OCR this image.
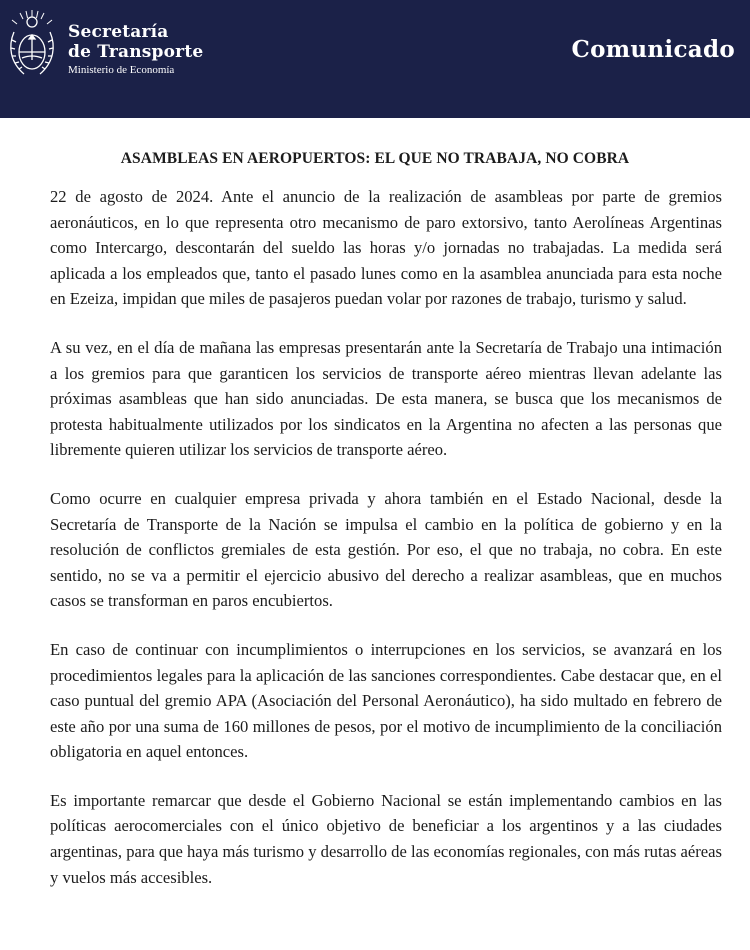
Secretaría
de Transporte
Ministerio de Economía
Comunicado
ASAMBLEAS EN AEROPUERTOS: EL QUE NO TRABAJA, NO COBRA

22 de agosto de 2024. Ante el anuncio de la realización de asambleas por parte de gremios aeronáuticos, en lo que representa otro mecanismo de paro extorsivo, tanto Aerolíneas Argentinas como Intercargo, descontarán del sueldo las horas y/o jornadas no trabajadas. La medida será aplicada a los empleados que, tanto el pasado lunes como en la asamblea anunciada para esta noche en Ezeiza, impidan que miles de pasajeros puedan volar por razones de trabajo, turismo y salud.

A su vez, en el día de mañana las empresas presentarán ante la Secretaría de Trabajo una intimación a los gremios para que garanticen los servicios de transporte aéreo mientras llevan adelante las próximas asambleas que han sido anunciadas. De esta manera, se busca que los mecanismos de protesta habitualmente utilizados por los sindicatos en la Argentina no afecten a las personas que libremente quieren utilizar los servicios de transporte aéreo.

Como ocurre en cualquier empresa privada y ahora también en el Estado Nacional, desde la Secretaría de Transporte de la Nación se impulsa el cambio en la política de gobierno y en la resolución de conflictos gremiales de esta gestión. Por eso, el que no trabaja, no cobra. En este sentido, no se va a permitir el ejercicio abusivo del derecho a realizar asambleas, que en muchos casos se transforman en paros encubiertos.

En caso de continuar con incumplimientos o interrupciones en los servicios, se avanzará en los procedimientos legales para la aplicación de las sanciones correspondientes. Cabe destacar que, en el caso puntual del gremio APA (Asociación del Personal Aeronáutico), ha sido multado en febrero de este año por una suma de 160 millones de pesos, por el motivo de incumplimiento de la conciliación obligatoria en aquel entonces.

Es importante remarcar que desde el Gobierno Nacional se están implementando cambios en las políticas aerocomerciales con el único objetivo de beneficiar a los argentinos y a las ciudades argentinas, para que haya más turismo y desarrollo de las economías regionales, con más rutas aéreas y vuelos más accesibles.
